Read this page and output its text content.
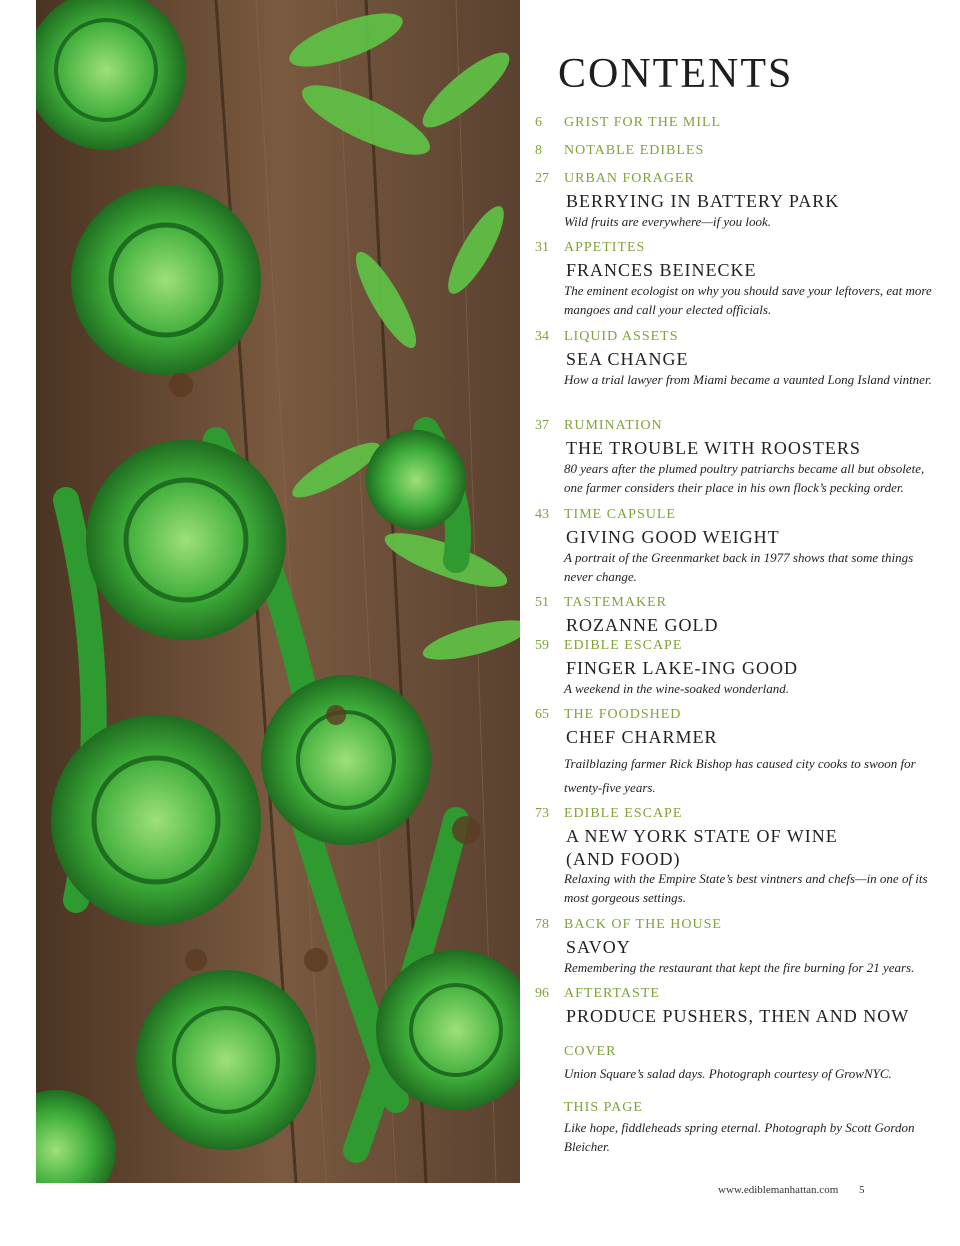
CONTENTS
6	GRIST FOR THE MILL
8	NOTABLE EDIBLES
27	URBAN FORAGER
BERRYING IN BATTERY PARK
Wild fruits are everywhere—if you look.
31	APPETITES
FRANCES BEINECKE
The eminent ecologist on why you should save your leftovers, eat more mangoes and call your elected officials.
34	LIQUID ASSETS
SEA CHANGE
How a trial lawyer from Miami became a vaunted Long Island vintner.
37	RUMINATION
THE TROUBLE WITH ROOSTERS
80 years after the plumed poultry patriarchs became all but obsolete, one farmer considers their place in his own flock’s pecking order.
43	TIME CAPSULE
GIVING GOOD WEIGHT
A portrait of the Greenmarket back in 1977 shows that some things never change.
51	TASTEMAKER
ROZANNE GOLD
59	EDIBLE ESCAPE
FINGER LAKE-ING GOOD
A weekend in the wine-soaked wonderland.
65	THE FOODSHED
CHEF CHARMER
Trailblazing farmer Rick Bishop has caused city cooks to swoon for twenty-five years.
73	EDIBLE ESCAPE
A NEW YORK STATE OF WINE (AND FOOD)
Relaxing with the Empire State’s best vintners and chefs—in one of its most gorgeous settings.
78	BACK OF THE HOUSE
SAVOY
Remembering the restaurant that kept the fire burning for 21 years.
96	AFTERTASTE
PRODUCE PUSHERS, THEN AND NOW
COVER
Union Square’s salad days. Photograph courtesy of GrowNYC.
THIS PAGE
Like hope, fiddleheads spring eternal. Photograph by Scott Gordon Bleicher.
www.ediblemanhattan.com 5
